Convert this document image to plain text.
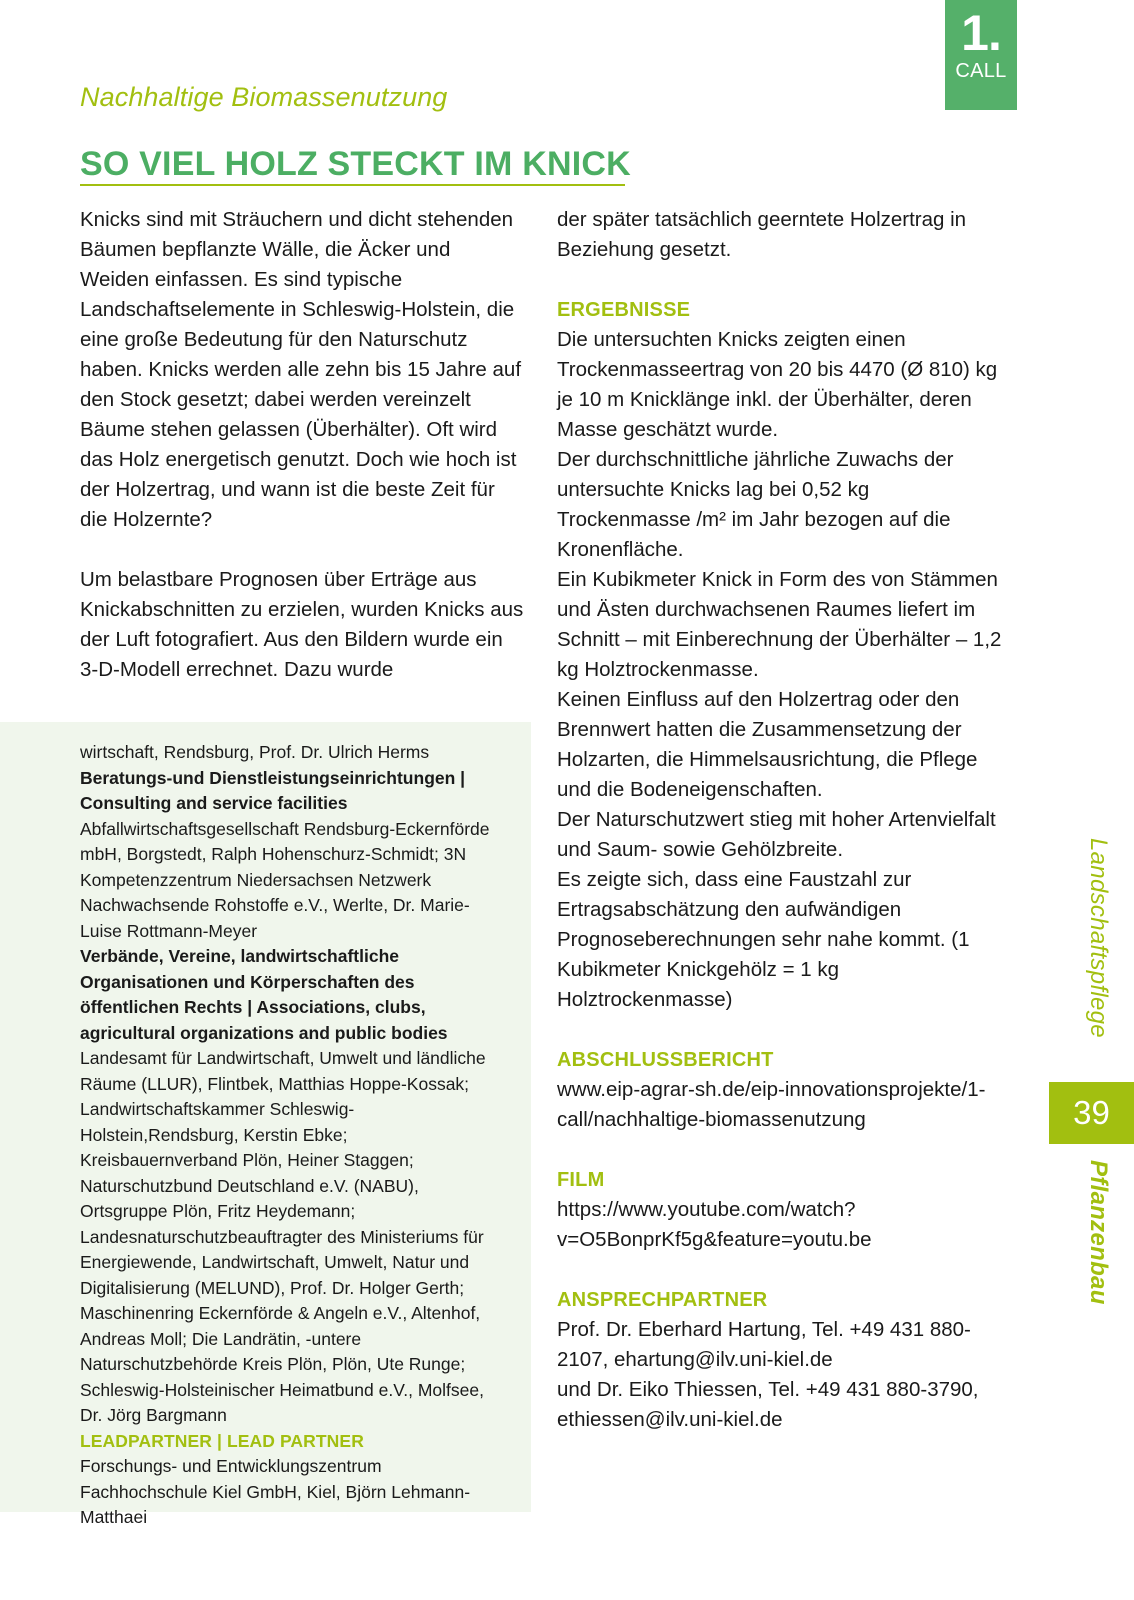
1.
CALL
Nachhaltige Biomassenutzung
SO VIEL HOLZ STECKT IM KNICK

Knicks sind mit Sträuchern und dicht stehenden Bäumen bepflanzte Wälle, die Äcker und Weiden einfassen. Es sind typische Landschaftselemente in Schleswig-Holstein, die eine große Bedeutung für den Naturschutz haben. Knicks werden alle zehn bis 15 Jahre auf den Stock gesetzt; dabei werden vereinzelt Bäume stehen gelassen (Überhälter). Oft wird das Holz energetisch genutzt. Doch wie hoch ist der Holzertrag, und wann ist die beste Zeit für die Holzernte?

Um belastbare Prognosen über Erträge aus Knickabschnitten zu erzielen, wurden Knicks aus der Luft fotografiert. Aus den Bildern wurde ein 3-D-Modell errechnet. Dazu wurde

der später tatsächlich geerntete Holzertrag in Beziehung gesetzt.

ERGEBNISSE

Die untersuchten Knicks zeigten einen Trockenmasseertrag von 20 bis 4470 (Ø 810) kg je 10 m Knicklänge inkl. der Überhälter, deren Masse geschätzt wurde.

Der durchschnittliche jährliche Zuwachs der untersuchte Knicks lag bei 0,52 kg Trockenmasse /m² im Jahr bezogen auf die Kronenfläche.

Ein Kubikmeter Knick in Form des von Stämmen und Ästen durchwachsenen Raumes liefert im Schnitt – mit Einberechnung der Überhälter – 1,2 kg Holztrockenmasse.

Keinen Einfluss auf den Holzertrag oder den Brennwert hatten die Zusammensetzung der Holzarten, die Himmelsausrichtung, die Pflege und die Bodeneigenschaften.

Der Naturschutzwert stieg mit hoher Artenvielfalt und Saum- sowie Gehölzbreite.

Es zeigte sich, dass eine Faustzahl zur Ertragsabschätzung den aufwändigen Prognoseberechnungen sehr nahe kommt. (1 Kubikmeter Knickgehölz = 1 kg Holztrockenmasse)

ABSCHLUSSBERICHT

www.eip-agrar-sh.de/eip-innovationsprojekte/1-call/nachhaltige-biomassenutzung

FILM

https://www.youtube.com/watch?v=O5BonprKf5g&feature=youtu.be

ANSPRECHPARTNER

Prof. Dr. Eberhard Hartung, Tel. +49 431 880-2107, ehartung@ilv.uni-kiel.de

und Dr. Eiko Thiessen, Tel. +49 431 880-3790, ethiessen@ilv.uni-kiel.de

wirtschaft, Rendsburg, Prof. Dr. Ulrich Herms

Beratungs-und Dienstleistungseinrichtungen | Consulting and service facilities

Abfallwirtschaftsgesellschaft Rendsburg-Eckernförde mbH, Borgstedt, Ralph Hohenschurz-Schmidt; 3N Kompetenzzentrum Niedersachsen Netzwerk Nachwachsende Rohstoffe e.V., Werlte, Dr. Marie-Luise Rottmann-Meyer

Verbände, Vereine, landwirtschaftliche Organisationen und Körperschaften des öffentlichen Rechts | Associations, clubs, agricultural organizations and public bodies

Landesamt für Landwirtschaft, Umwelt und ländliche Räume (LLUR), Flintbek, Matthias Hoppe-Kossak; Landwirtschaftskammer Schleswig-Holstein,Rendsburg, Kerstin Ebke; Kreisbauernverband Plön, Heiner Staggen; Naturschutzbund Deutschland e.V. (NABU), Ortsgruppe Plön, Fritz Heydemann; Landesnaturschutzbeauftragter des Ministeriums für Energiewende, Landwirtschaft, Umwelt, Natur und Digitalisierung (MELUND), Prof. Dr. Holger Gerth; Maschinenring Eckernförde & Angeln e.V., Altenhof, Andreas Moll; Die Landrätin, -untere Naturschutzbehörde Kreis Plön, Plön, Ute Runge; Schleswig-Holsteinischer Heimatbund e.V., Molfsee, Dr. Jörg Bargmann

LEADPARTNER | LEAD PARTNER

Forschungs- und Entwicklungszentrum Fachhochschule Kiel GmbH, Kiel, Björn Lehmann-Matthaei

Landschaftspflege
39
Pflanzenbau
